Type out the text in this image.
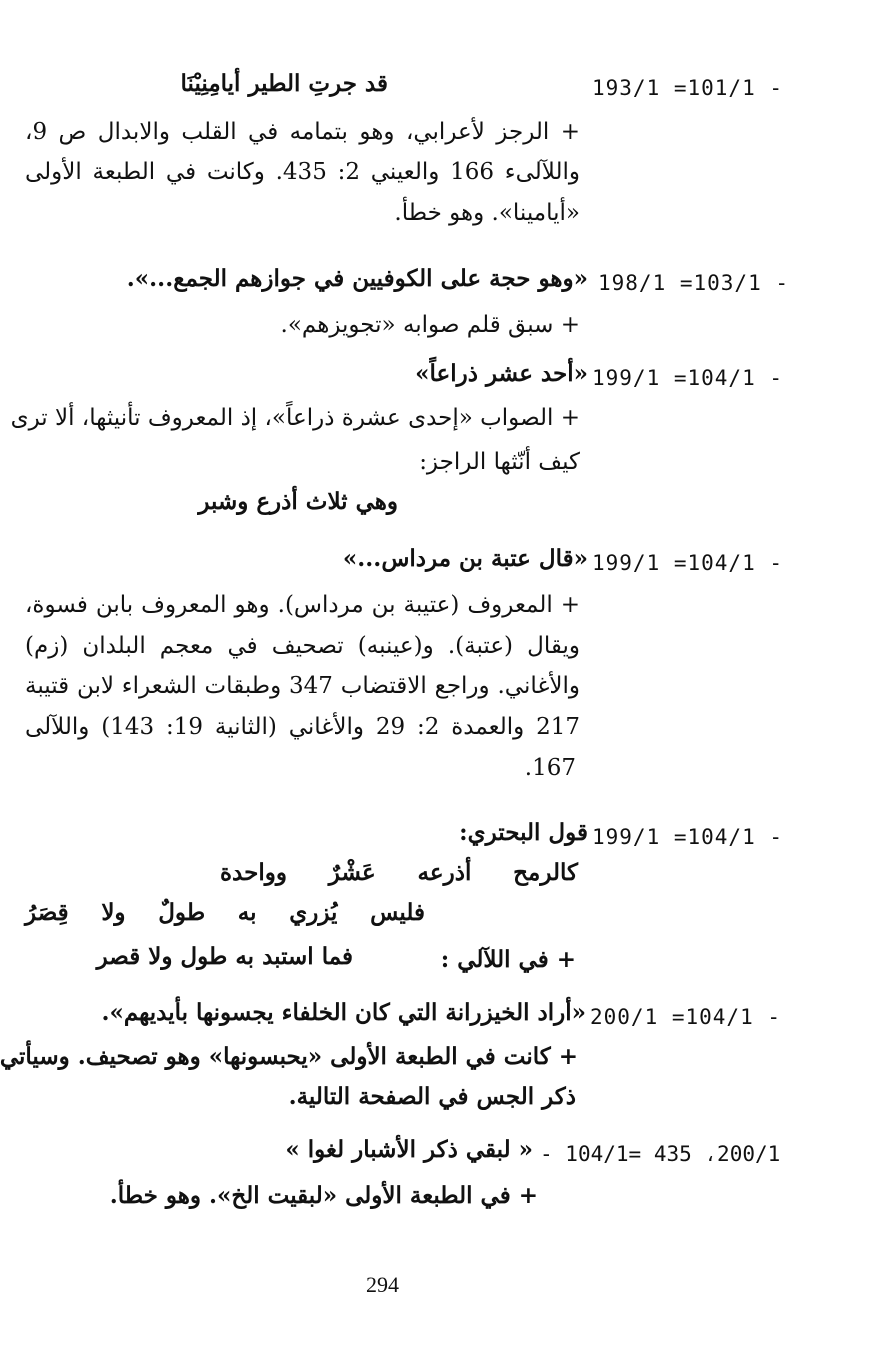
193/1 =101/1 -
قد جرتِ الطير أيامِنِيْنَا
+ الرجز لأعرابي، وهو بتمامه في القلب والابدال ص 9،
واللآلىء 166 والعيني 2: 435. وكانت في الطبعة الأولى
«أيامينا». وهو خطأ.
198/1 =103/1 -
«وهو حجة على الكوفيين في جوازهم الجمع...».
+ سبق قلم صوابه «تجويزهم».
199/1 =104/1 -
«أحد عشر ذراعاً»
+ الصواب «إحدى عشرة ذراعاً»، إذ المعروف تأنيثها، ألا ترى
كيف أنّثها الراجز:
وهي ثلاث أذرع وشبر
199/1 =104/1 -
«قال عتبة بن مرداس...»
+ المعروف (عتيبة بن مرداس). وهو المعروف بابن فسوة،
ويقال (عتبة). و(عينبه) تصحيف في معجم البلدان (زم)
والأغاني. وراجع الاقتضاب 347 وطبقات الشعراء لابن قتيبة
217 والعمدة 2: 29 والأغاني (الثانية 19: 143) واللآلى
167.
199/1 =104/1 -
قول البحتري:
كالرمح أذرعه عَشْرٌ وواحدة
فليس يُزري به طولٌ ولا قِصَرُ
+ في اللآلي :
فما استبد به طول ولا قصر
200/1 =104/1 -
«أراد الخيزرانة التي كان الخلفاء يجسونها بأيديهم».
+ كانت في الطبعة الأولى «يحبسونها» وهو تصحيف. وسيأتي
ذكر الجس في الصفحة التالية.
200/1، 435 =104/1 -
« لبقي ذكر الأشبار لغوا »
+ في الطبعة الأولى «لبقيت الخ». وهو خطأ.
294
